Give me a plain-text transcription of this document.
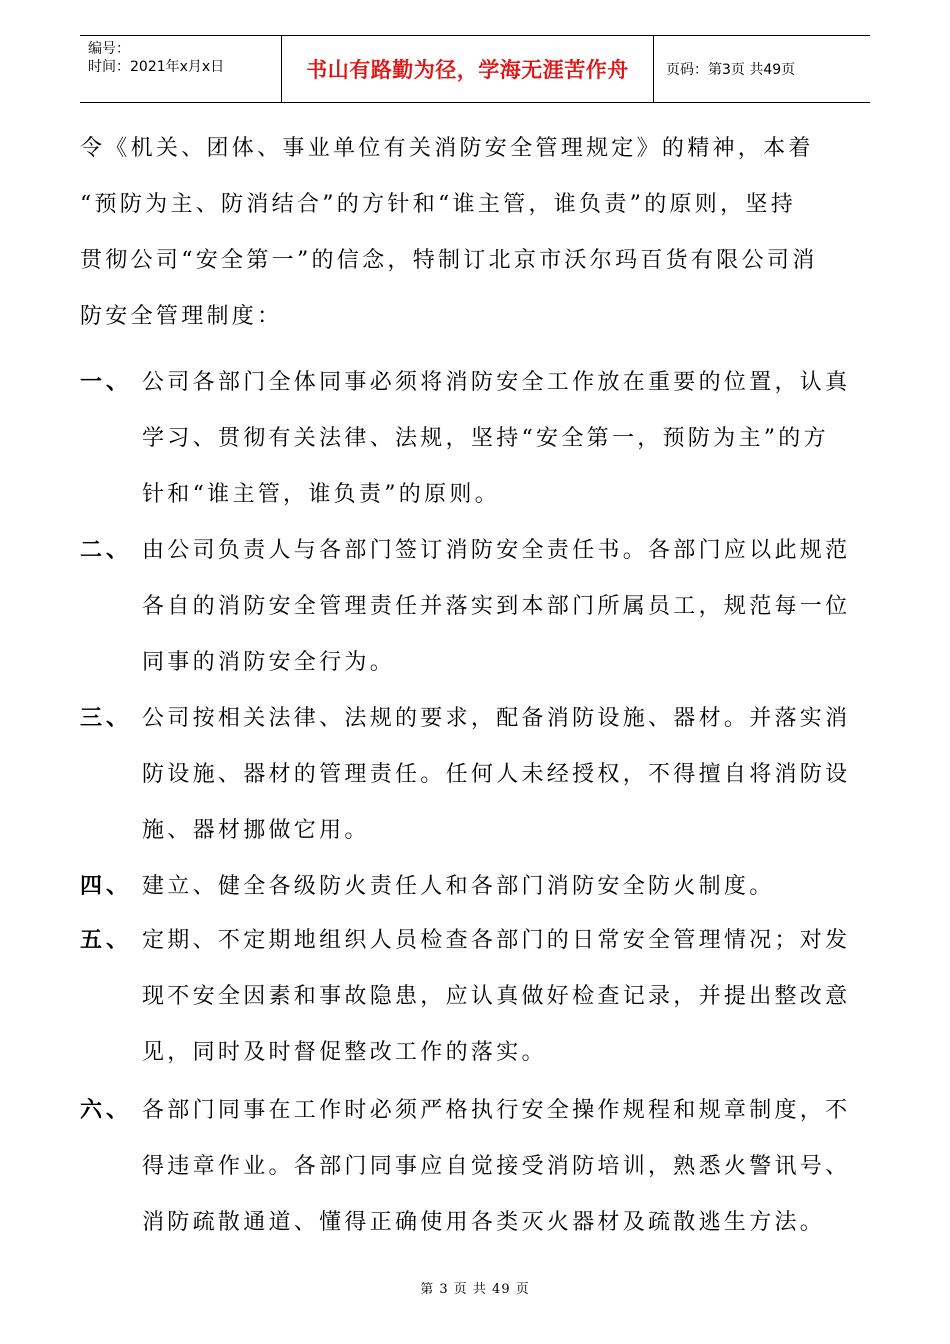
编号：
时间：2021年x月x日	书山有路勤为径，学海无涯苦作舟	页码：第3页 共49页
令《机关、团体、事业单位有关消防安全管理规定》的精神，本着
“预防为主、防消结合”的方针和“谁主管，谁负责”的原则，坚持
贯彻公司“安全第一”的信念，特制订北京市沃尔玛百货有限公司消
防安全管理制度：
一、 公司各部门全体同事必须将消防安全工作放在重要的位置，认真
学习、贯彻有关法律、法规，坚持“安全第一，预防为主”的方
针和“谁主管，谁负责”的原则。
二、 由公司负责人与各部门签订消防安全责任书。各部门应以此规范
各自的消防安全管理责任并落实到本部门所属员工，规范每一位
同事的消防安全行为。
三、 公司按相关法律、法规的要求，配备消防设施、器材。并落实消
防设施、器材的管理责任。任何人未经授权，不得擅自将消防设
施、器材挪做它用。
四、 建立、健全各级防火责任人和各部门消防安全防火制度。
五、 定期、不定期地组织人员检查各部门的日常安全管理情况；对发
现不安全因素和事故隐患，应认真做好检查记录，并提出整改意
见，同时及时督促整改工作的落实。
六、 各部门同事在工作时必须严格执行安全操作规程和规章制度，不
得违章作业。各部门同事应自觉接受消防培训，熟悉火警讯号、
消防疏散通道、懂得正确使用各类灭火器材及疏散逃生方法。
第 3 页 共 49 页
